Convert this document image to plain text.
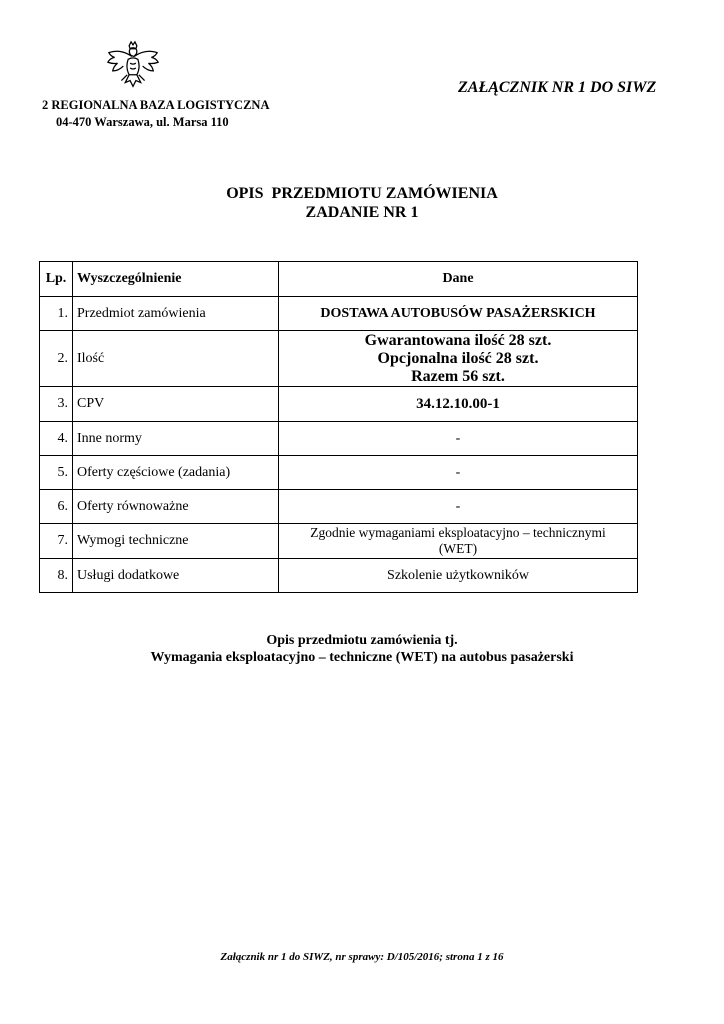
2 REGIONALNA BAZA LOGISTYCZNA
04-470 Warszawa, ul. Marsa 110
ZAŁĄCZNIK NR 1 DO SIWZ
OPIS  PRZEDMIOTU ZAMÓWIENIA
ZADANIE NR 1
Lp.	Wyszczególnienie	Dane
1.	Przedmiot zamówienia	DOSTAWA AUTOBUSÓW PASAŻERSKICH
2.	Ilość	Gwarantowana ilość 28 szt.
Opcjonalna ilość 28 szt.
Razem 56 szt.

3.	CPV	34.12.10.00-1
4.	Inne normy	-
5.	Oferty częściowe (zadania)	-
6.	Oferty równoważne	-
7.	Wymogi techniczne	Zgodnie wymaganiami eksploatacyjno – technicznymi
(WET)

8.	Usługi dodatkowe	Szkolenie użytkowników
Opis przedmiotu zamówienia tj.
Wymagania eksploatacyjno – techniczne (WET) na autobus pasażerski
Załącznik nr 1 do SIWZ, nr sprawy: D/105/2016; strona 1 z 16
